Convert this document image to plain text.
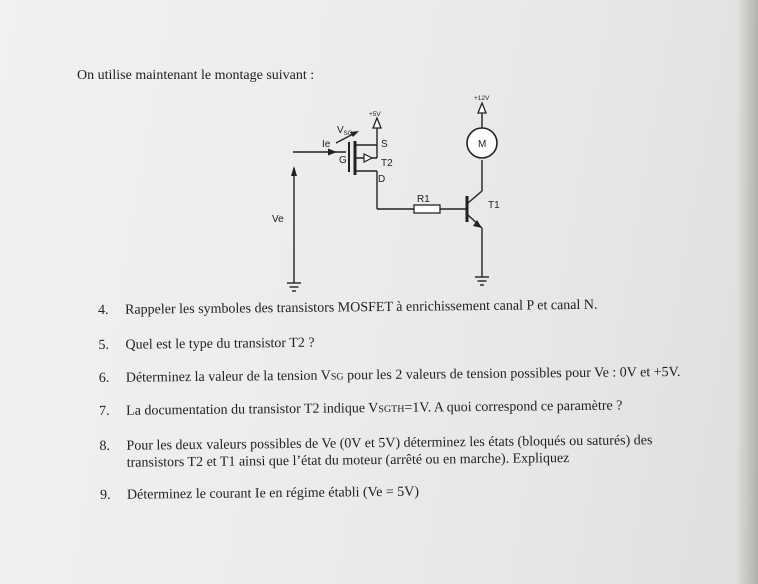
On utilise maintenant le montage suivant :
+5V
+12V
$V_{SG}$
Ie	S
G	T2
D
R1
T1
M
Ve
4. Rappeler les symboles des transistors MOSFET à enrichissement canal P et canal N.
5. Quel est le type du transistor T2 ?
6. Déterminez la valeur de la tension VSG pour les 2 valeurs de tension possibles pour Ve : 0V et +5V.
7. La documentation du transistor T2 indique VSGTH=1V. A quoi correspond ce paramètre ?
8. Pour les deux valeurs possibles de Ve (0V et 5V) déterminez les états (bloqués ou saturés) des transistors T2 et T1 ainsi que l’état du moteur (arrêté ou en marche). Expliquez
9. Déterminez le courant Ie en régime établi (Ve = 5V)
